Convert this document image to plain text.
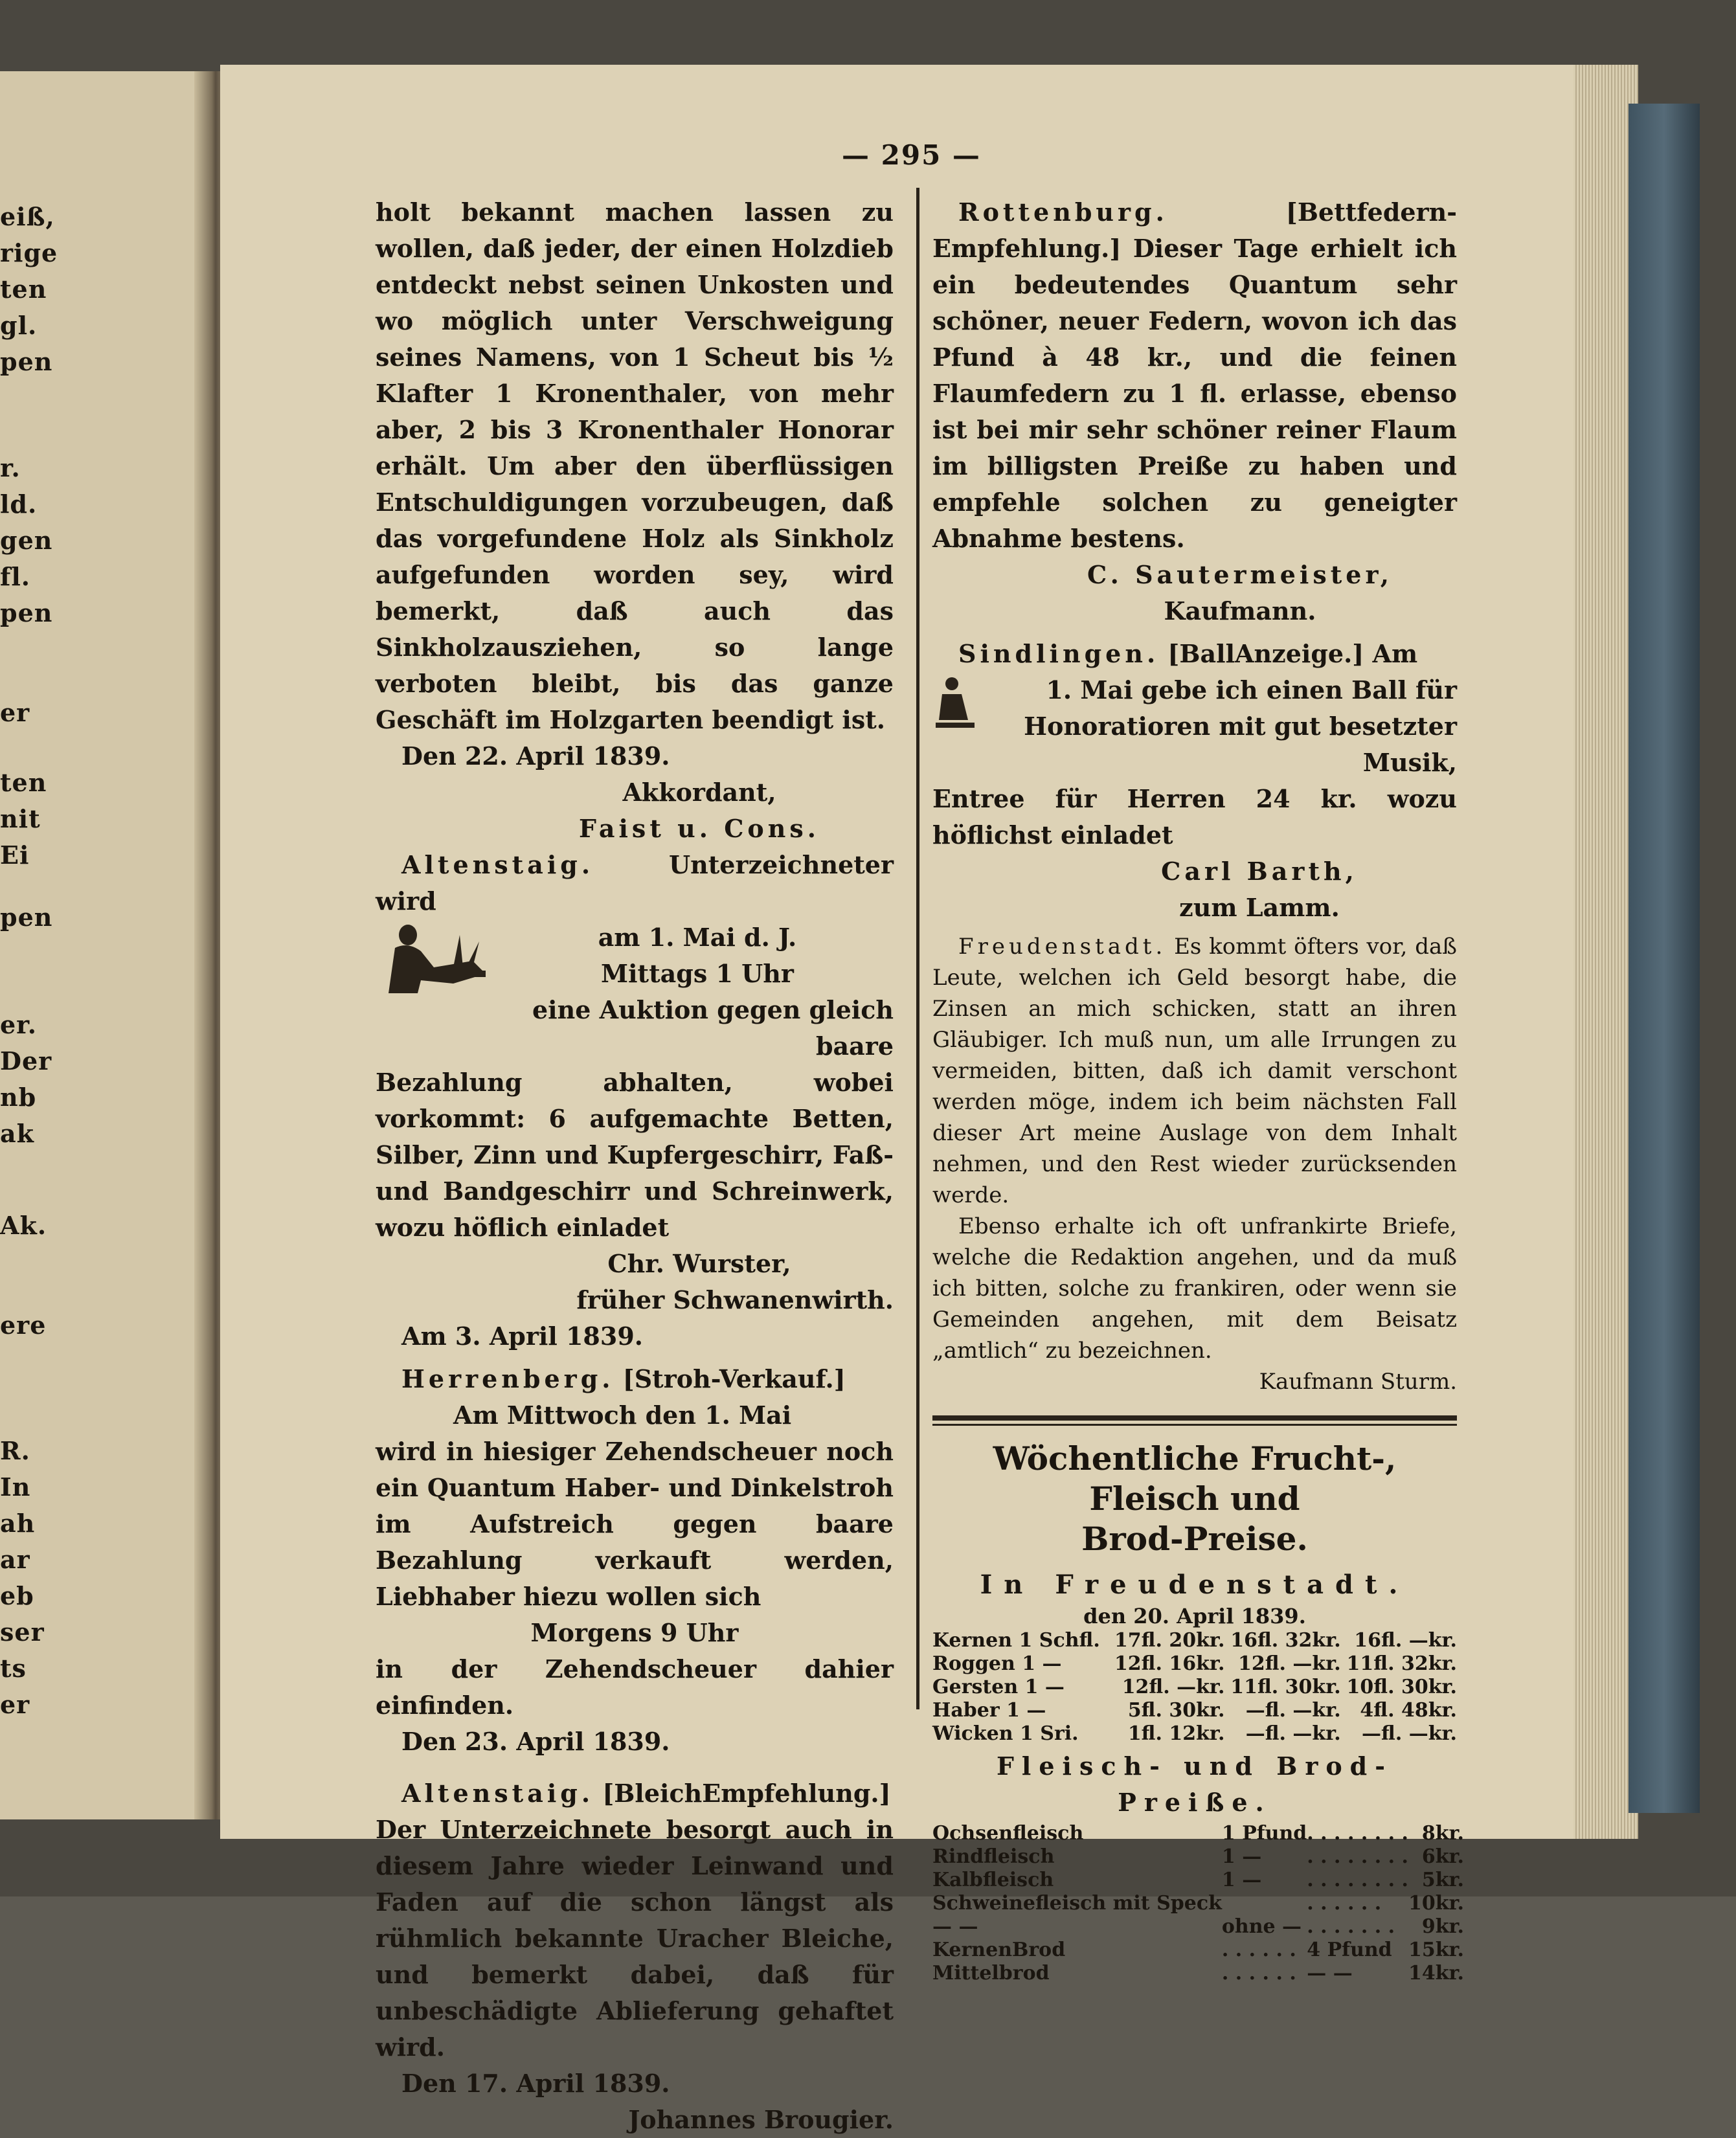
eiß,
rige
ten
gl.
pen
r.
ld.
gen
fl.
pen
er
ten
nit
Ei
pen
er.
Der
nb
ak
Ak.
ere
R.
In
ah
ar
eb
ser
ts
er
— 295 —

holt bekannt machen lassen zu wollen, daß jeder, der einen Holzdieb entdeckt nebst seinen Unkosten und wo möglich unter Verschweigung seines Namens, von 1 Scheut bis ½ Klafter 1 Kronenthaler, von mehr aber, 2 bis 3 Kronenthaler Honorar erhält. Um aber den überflüssigen Entschuldigungen vorzubeugen, daß das vorgefundene Holz als Sinkholz aufgefunden worden sey, wird bemerkt, daß auch das Sinkholzausziehen, so lange verboten bleibt, bis das ganze Geschäft im Holzgarten beendigt ist.

Den 22. April 1839.

Akkordant,

Faist u. Cons.

Altenstaig.	Unterzeichneter wird

am 1. Mai d. J.

Mittags 1 Uhr

eine Auktion gegen gleich baare

Bezahlung abhalten, wobei vorkommt: 6 aufgemachte Betten, Silber, Zinn und Kupfergeschirr, Faß- und Bandgeschirr und Schreinwerk, wozu höflich einladet

Chr. Wurster,

früher Schwanenwirth.

Am 3. April 1839.

Herrenberg. [Stroh-Verkauf.]

Am Mittwoch den 1. Mai

wird in hiesiger Zehendscheuer noch ein Quantum Haber- und Dinkelstroh im Aufstreich gegen baare Bezahlung verkauft werden, Liebhaber hiezu wollen sich

Morgens 9 Uhr

in der Zehendscheuer dahier einfinden.

Den 23. April 1839.

Altenstaig. [BleichEmpfehlung.]

Der Unterzeichnete besorgt auch in diesem Jahre wieder Leinwand und Faden auf die schon längst als rühmlich bekannte Uracher Bleiche, und bemerkt dabei, daß für unbeschädigte Ablieferung gehaftet wird.

Den 17. April 1839.

Johannes Brougier.

Rottenburg.	[Bettfedern-Empfehlung.] Dieser Tage erhielt ich ein bedeutendes Quantum sehr schöner, neuer Federn, wovon ich das Pfund à 48 kr., und die feinen Flaumfedern zu 1 fl. erlasse, ebenso ist bei mir sehr schöner reiner Flaum im billigsten Preiße zu haben und empfehle solchen zu geneigter Abnahme bestens.

C. Sautermeister,

Kaufmann.

Sindlingen. [BallAnzeige.] Am

1. Mai gebe ich einen Ball für

Honoratioren mit gut besetzter Musik,

Entree für Herren 24 kr. wozu höflichst einladet

Carl Barth,

zum Lamm.

Freudenstadt. Es kommt öfters vor, daß Leute, welchen ich Geld besorgt habe, die Zinsen an mich schicken, statt an ihren Gläubiger. Ich muß nun, um alle Irrungen zu vermeiden, bitten, daß ich damit verschont werden möge, indem ich beim nächsten Fall dieser Art meine Auslage von dem Inhalt nehmen, und den Rest wieder zurücksenden werde.

Ebenso erhalte ich oft unfrankirte Briefe, welche die Redaktion angehen, und da muß ich bitten, solche zu frankiren, oder wenn sie Gemeinden angehen, mit dem Beisatz „amtlich“ zu bezeichnen.

Kaufmann Sturm.

Wöchentliche Frucht-, Fleisch und

Brod-Preise.

In Freudenstadt.

den 20. April 1839.

Kernen 1 Schfl.	17fl. 20kr.	16fl. 32kr.	16fl. —kr.
Roggen 1 —	12fl. 16kr.	12fl. —kr.	11fl. 32kr.
Gersten 1 —	12fl. —kr.	11fl. 30kr.	10fl. 30kr.
Haber 1 —	5fl. 30kr.	—fl. —kr.	4fl. 48kr.
Wicken 1 Sri.	1fl. 12kr.	—fl. —kr.	—fl. —kr.

Fleisch- und Brod-Preiße.

Ochsenfleisch	1 Pfund	. . . . . . . .	8kr.
Rindfleisch	1 —	. . . . . . . .	6kr.
Kalbfleisch	1 —	. . . . . . . .	5kr.
Schweinefleisch mit Speck		. . . . . .	10kr.
— —	ohne —	. . . . . . .	9kr.
KernenBrod	. . . . . .	4 Pfund	15kr.
Mittelbrod	. . . . . .	— —	14kr.
